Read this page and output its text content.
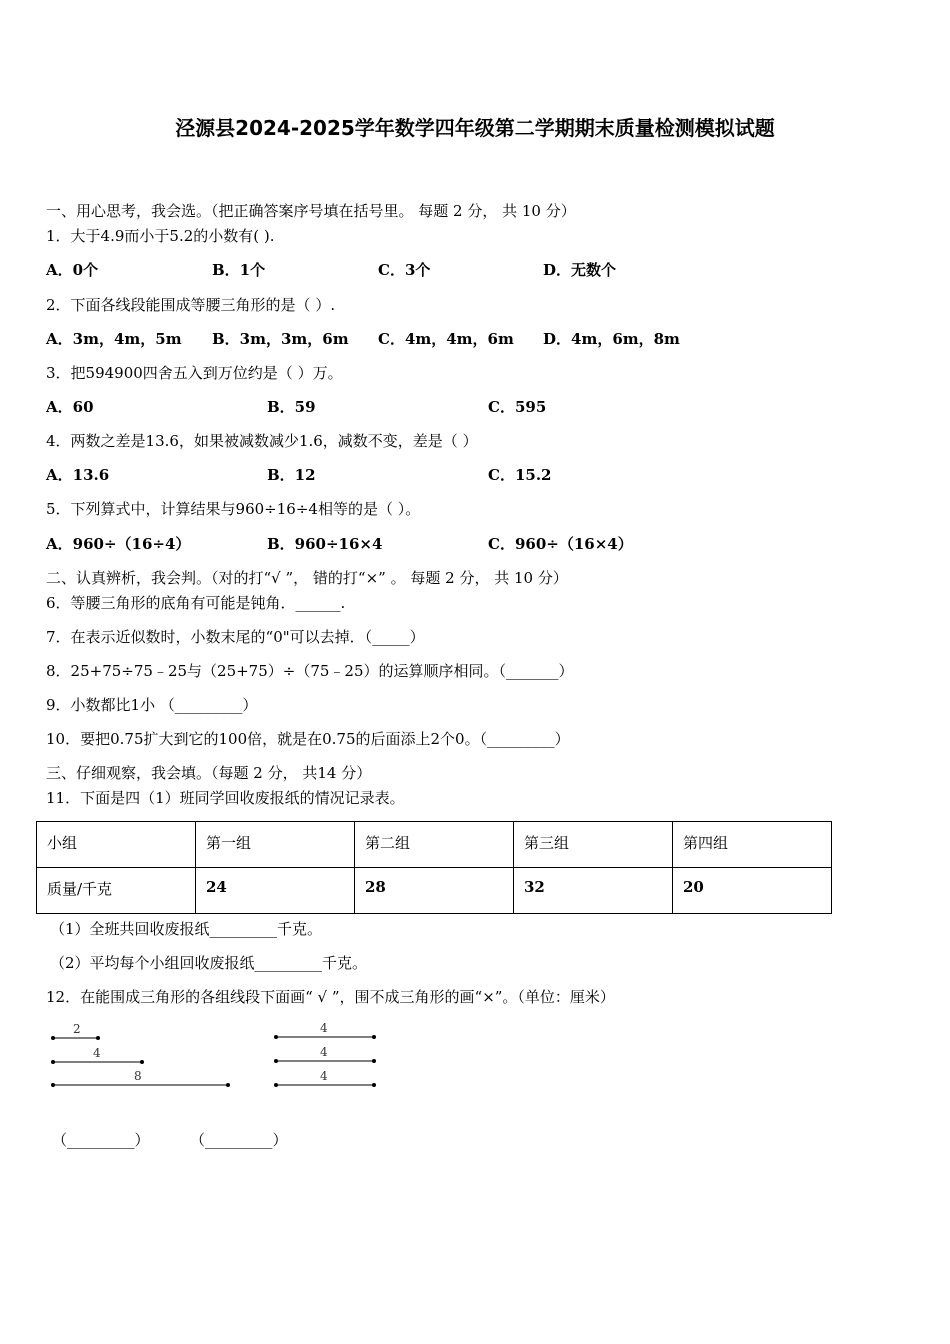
泾源县2024-2025学年数学四年级第二学期期末质量检测模拟试题
一、用心思考，我会选。（把正确答案序号填在括号里。 每题 2 分， 共 10 分）
1．大于4.9而小于5.2的小数有( ).
A．0个	B．1个	C．3个	D．无数个
2．下面各线段能围成等腰三角形的是（ ）.
A．3m，4m，5m B．3m，3m，6m C．4m，4m，6m D．4m，6m，8m
3．把594900四舍五入到万位约是（ ）万。
A．60	B．59	C．595
4．两数之差是13.6，如果被减数减少1.6，减数不变，差是（ ）
A．13.6	B．12	C．15.2
5．下列算式中，计算结果与960÷16÷4相等的是（ ）。
A．960÷（16÷4）	B．960÷16×4	C．960÷（16×4）
二、认真辨析，我会判。（对的打“√ ”， 错的打“×” 。 每题 2 分， 共 10 分）
6．等腰三角形的底角有可能是钝角．______.
7．在表示近似数时，小数末尾的“0"可以去掉．（_____）
8．25+75÷75﹣25与（25+75）÷（75﹣25）的运算顺序相同。（_______）
9．小数都比1小 （_________）
10．要把0.75扩大到它的100倍，就是在0.75的后面添上2个0。（_________）
三、仔细观察，我会填。（每题 2 分， 共14 分）
11．下面是四（1）班同学回收废报纸的情况记录表。
小组	第一组	第二组	第三组	第四组
质量/千克	24	28	32	20
（1）全班共回收废报纸_________千克。
（2）平均每个小组回收废报纸_________千克。
12．在能围成三角形的各组线段下面画“ √ ”，围不成三角形的画“×”。（单位：厘米）
2
4
8
4
4
4
（_________）	（_________）
